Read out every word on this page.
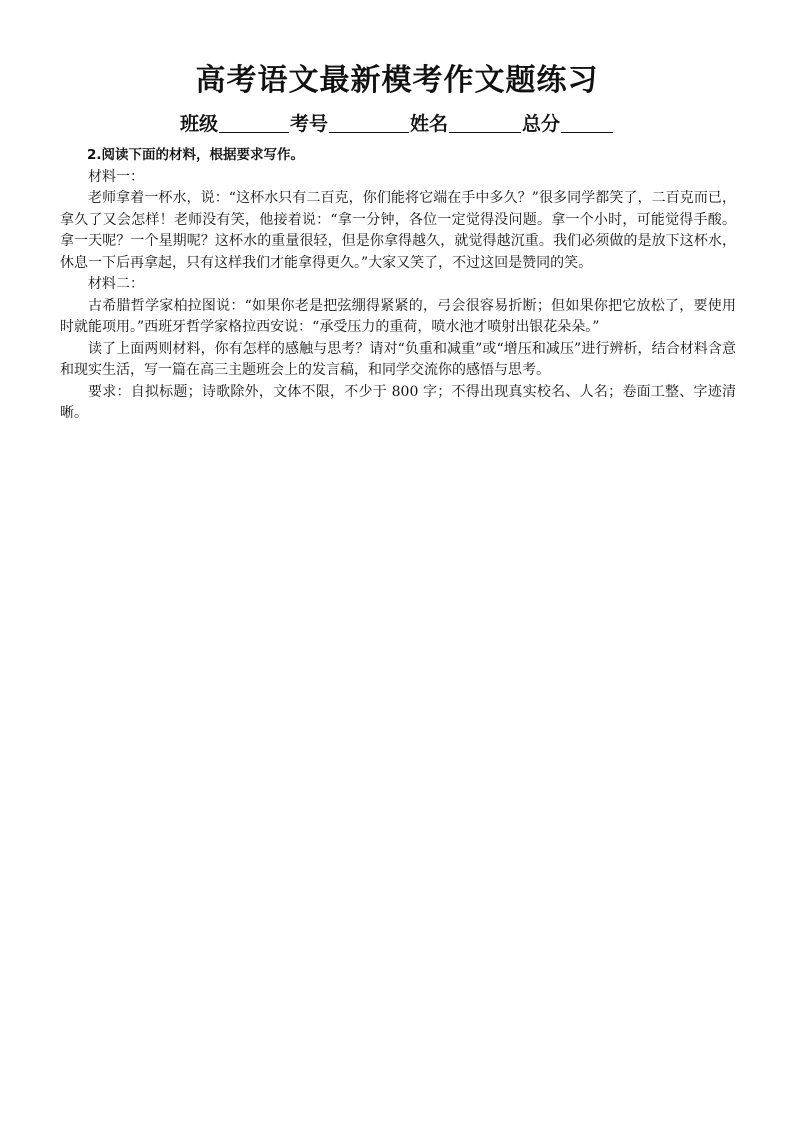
高考语文最新模考作文题练习
班级	考号	姓名	总分

2.阅读下面的材料，根据要求写作。

材料一：

老师拿着一杯水，说：“这杯水只有二百克，你们能将它端在手中多久？”很多同学都笑了，二百克而已，拿久了又会怎样！老师没有笑，他接着说：“拿一分钟，各位一定觉得没问题。拿一个小时，可能觉得手酸。拿一天呢？一个星期呢？这杯水的重量很轻，但是你拿得越久，就觉得越沉重。我们必须做的是放下这杯水，休息一下后再拿起，只有这样我们才能拿得更久。”大家又笑了，不过这回是赞同的笑。

材料二：

古希腊哲学家柏拉图说：“如果你老是把弦绷得紧紧的，弓会很容易折断；但如果你把它放松了，要使用时就能项用。”西班牙哲学家格拉西安说：“承受压力的重荷，喷水池才喷射出银花朵朵。”

读了上面两则材料，你有怎样的感触与思考？请对“负重和减重”或“增压和减压”进行辨析，结合材料含意和现实生活，写一篇在高三主题班会上的发言稿，和同学交流你的感悟与思考。

要求：自拟标题；诗歌除外，文体不限，不少于 800 字；不得出现真实校名、人名；卷面工整、字迹清晰。
